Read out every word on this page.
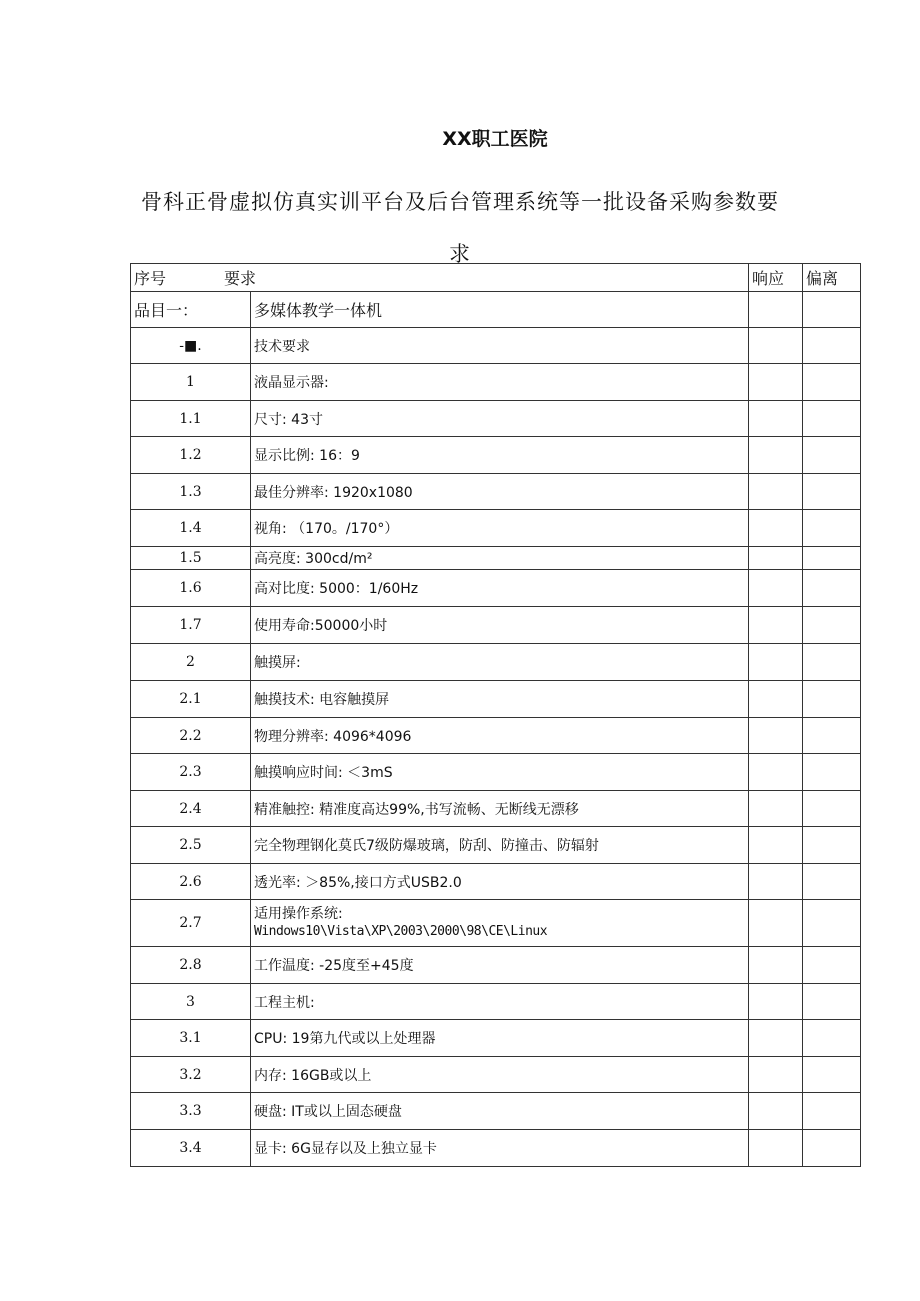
XX职工医院
骨科正骨虚拟仿真实训平台及后台管理系统等一批设备采购参数要求
序号 要求		响应	偏离
品目一：	多媒体教学一体机		
-■.	技术要求		
1	液晶显示器:		
1.1	尺寸: 43寸		
1.2	显示比例: 16：9		
1.3	最佳分辨率: 1920x1080		
1.4	视角: （170。/170°）		
1.5	高亮度: 300cd/m²		
1.6	高对比度: 5000：1/60Hz		
1.7	使用寿命:50000小时		
2	触摸屏:		
2.1	触摸技术: 电容触摸屏		
2.2	物理分辨率: 4096*4096		
2.3	触摸响应时间: ＜3mS		
2.4	精准触控: 精准度高达99%,书写流畅、无断线无漂移		
2.5	完全物理钢化莫氏7级防爆玻璃，防刮、防撞击、防辐射		
2.6	透光率: ＞85%,接口方式USB2.0		
2.7	适用操作系统:
Windows10\Vista\XP\2003\2000\98\CE\Linux		

2.8	工作温度: -25度至+45度		
3	工程主机:		
3.1	CPU: 19第九代或以上处理器		
3.2	内存: 16GB或以上		
3.3	硬盘: IT或以上固态硬盘		
3.4	显卡: 6G显存以及上独立显卡		
